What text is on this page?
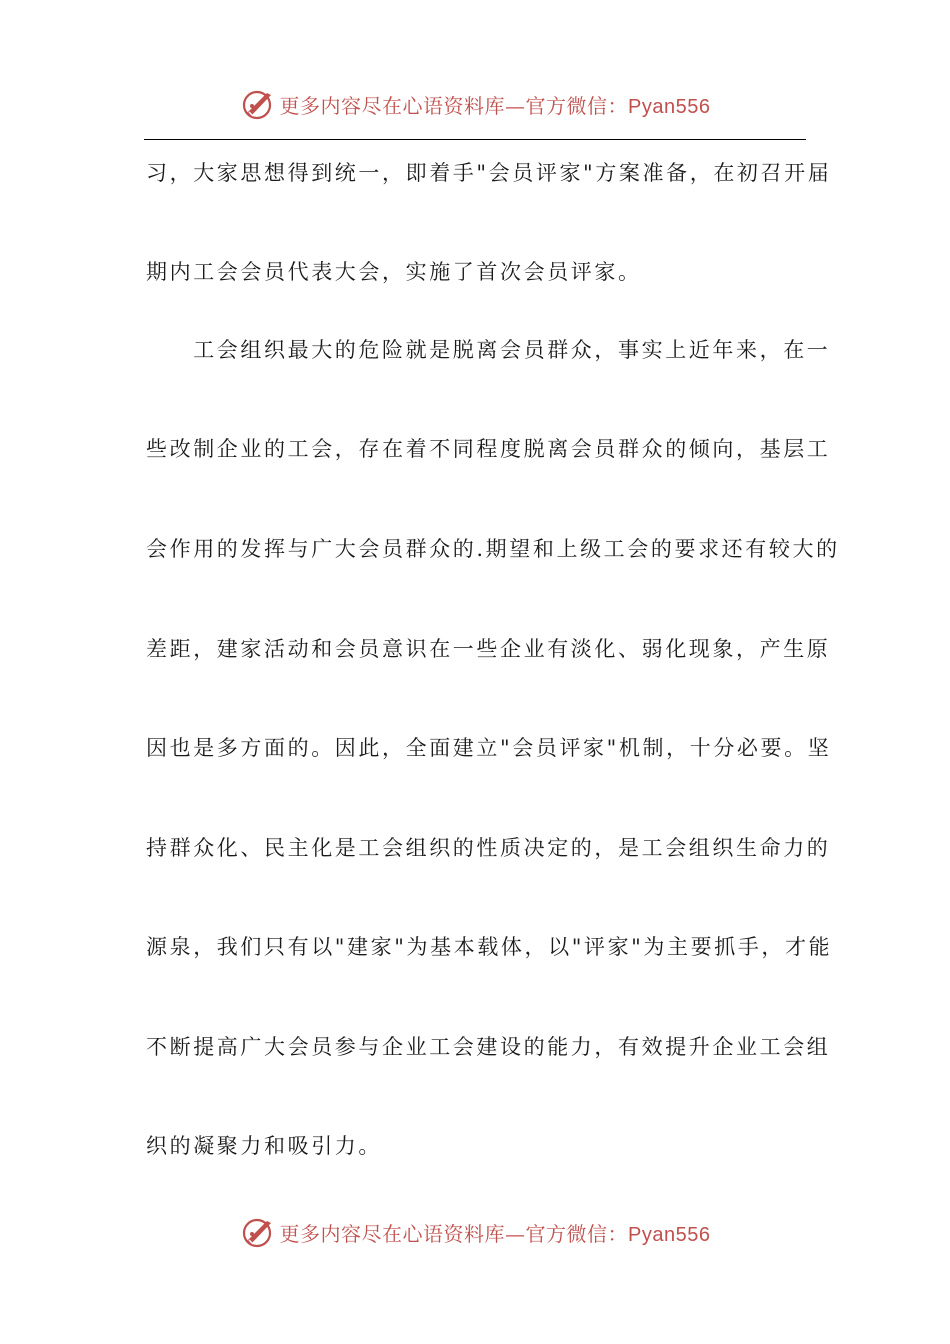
更多内容尽在心语资料库—官方微信：Pyan556
习，大家思想得到统一，即着手"会员评家"方案准备，在初召开届
期内工会会员代表大会，实施了首次会员评家。
　　工会组织最大的危险就是脱离会员群众，事实上近年来，在一
些改制企业的工会，存在着不同程度脱离会员群众的倾向，基层工
会作用的发挥与广大会员群众的.期望和上级工会的要求还有较大的
差距，建家活动和会员意识在一些企业有淡化、弱化现象，产生原
因也是多方面的。因此，全面建立"会员评家"机制，十分必要。坚
持群众化、民主化是工会组织的性质决定的，是工会组织生命力的
源泉，我们只有以"建家"为基本载体，以"评家"为主要抓手，才能
不断提高广大会员参与企业工会建设的能力，有效提升企业工会组
织的凝聚力和吸引力。
更多内容尽在心语资料库—官方微信：Pyan556
